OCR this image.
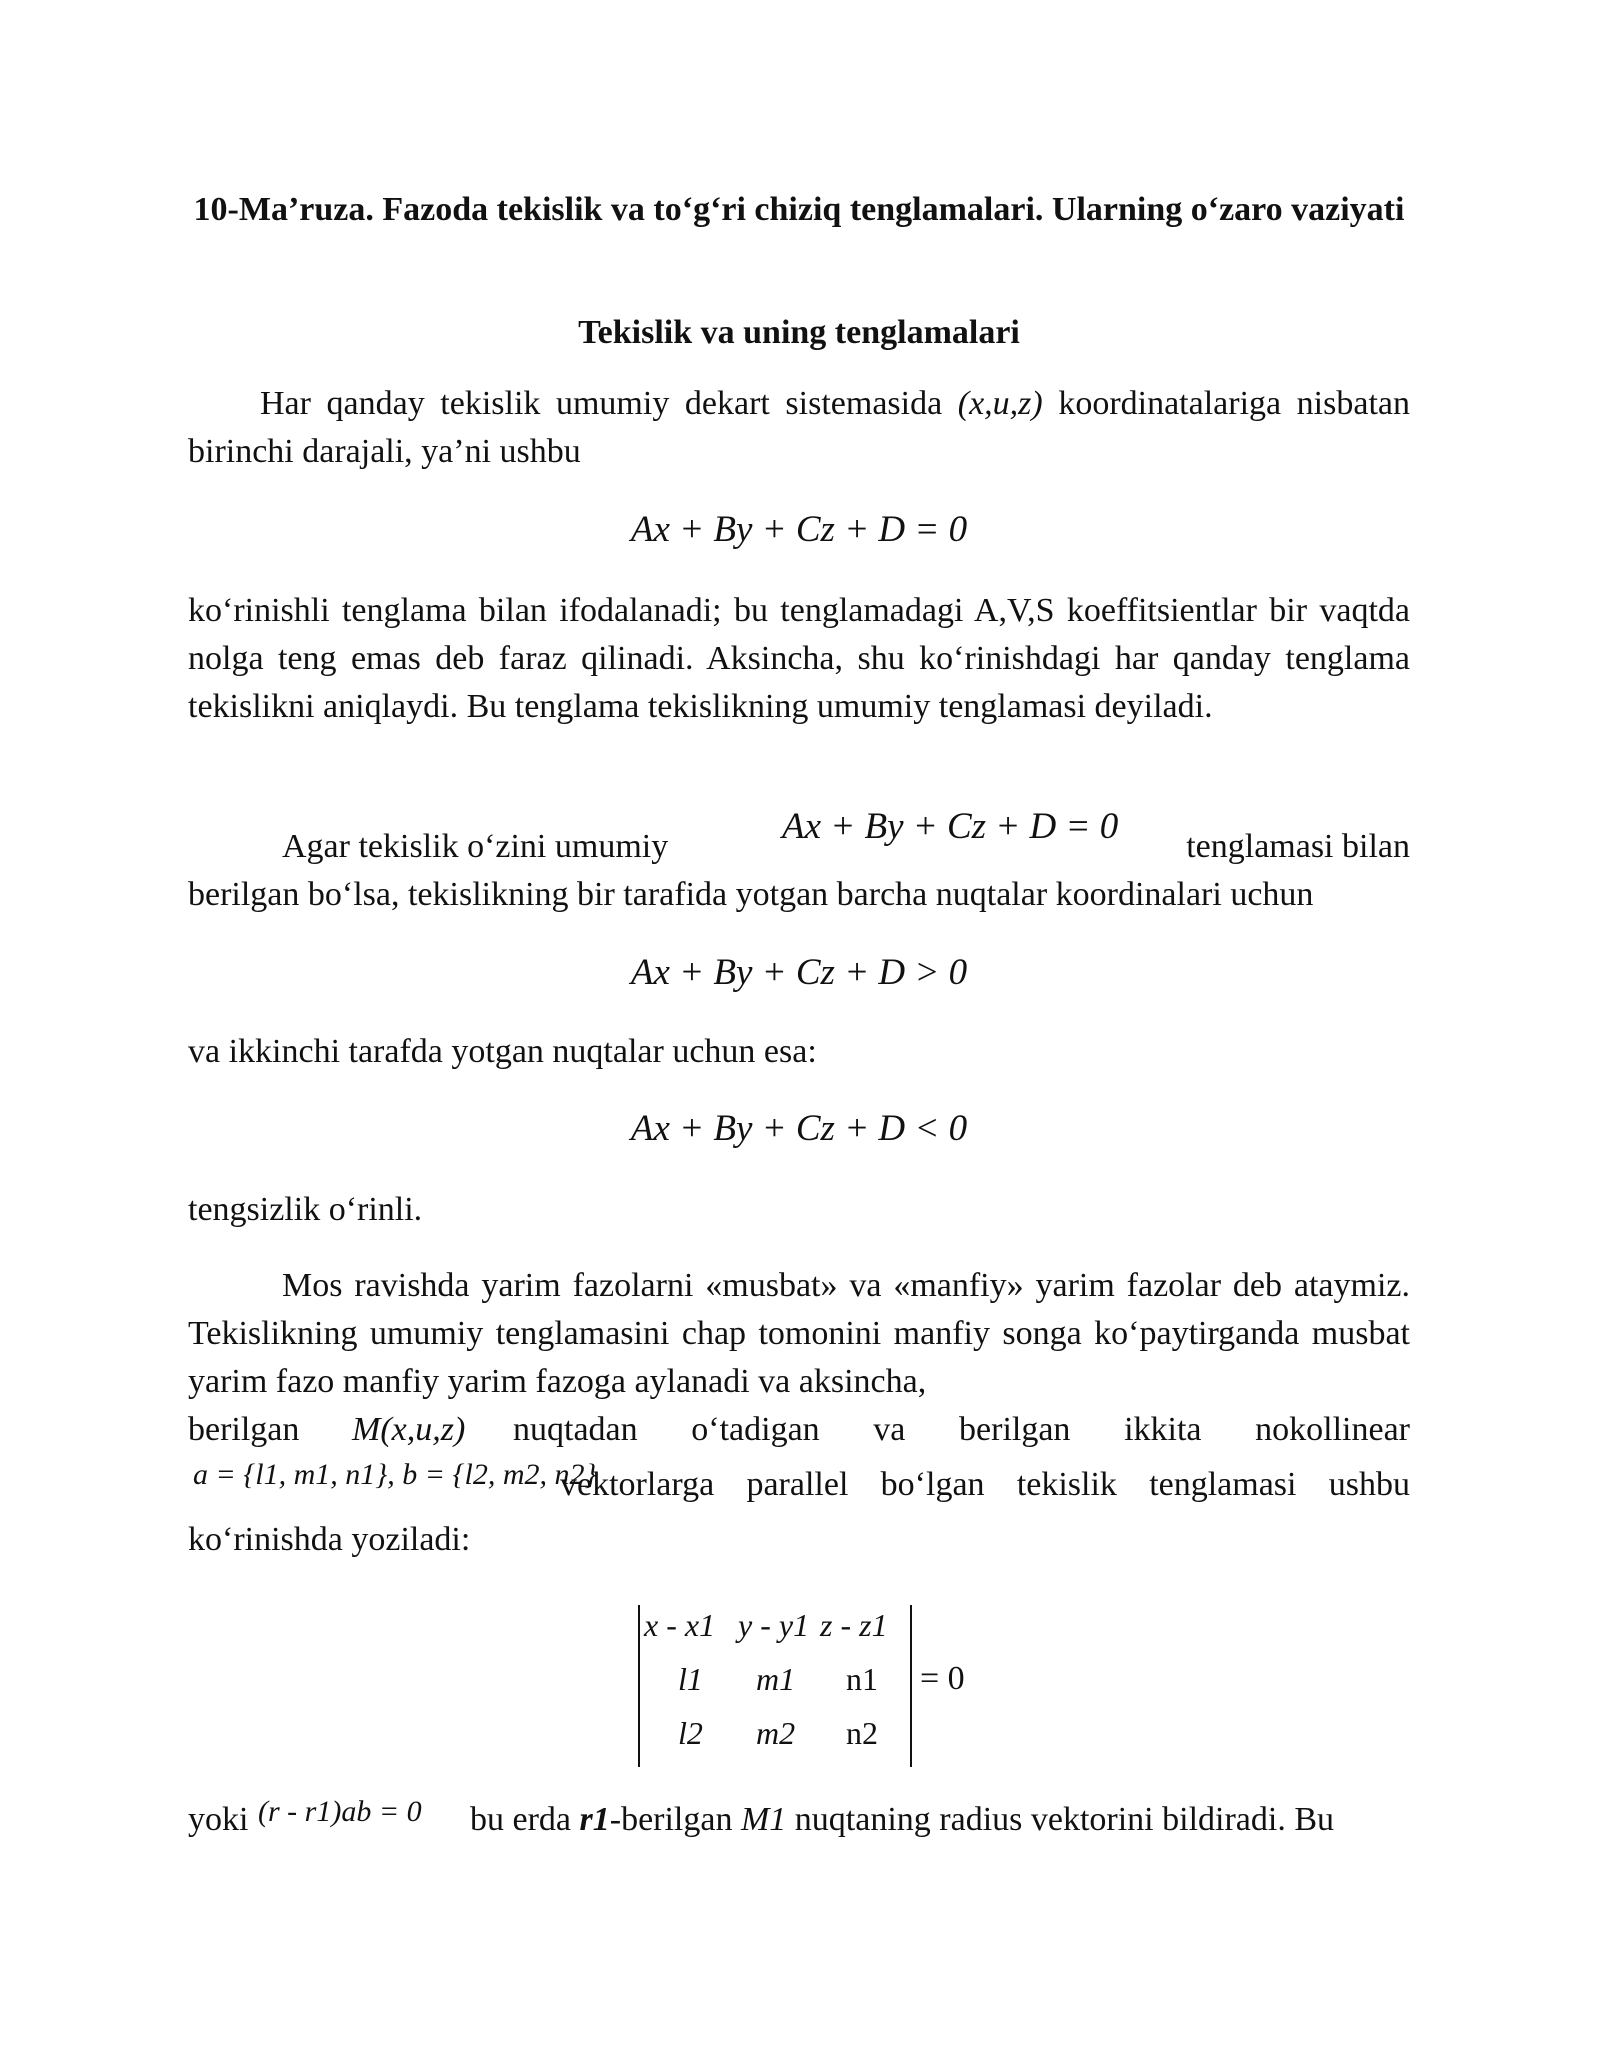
10-Ma’ruza. Fazoda tekislik va to‘g‘ri chiziq tenglamalari. Ularning o‘zaro vaziyati
Tekislik va uning tenglamalari
Har qanday tekislik umumiy dekart sistemasida (x,u,z) koordinatalariga nisbatan birinchi darajali, ya’ni ushbu
Ax + By + Cz + D = 0
ko‘rinishli tenglama bilan ifodalanadi; bu tenglamadagi A,V,S koeffitsientlar bir vaqtda nolga teng emas deb faraz qilinadi. Aksincha, shu ko‘rinishdagi har qanday tenglama tekislikni aniqlaydi. Bu tenglama tekislikning umumiy tenglamasi deyiladi.
Agar tekislik o‘zini umumiy	Ax + By + Cz + D = 0 tenglamasi bilan
berilgan bo‘lsa, tekislikning bir tarafida yotgan barcha nuqtalar koordinalari uchun
Ax + By + Cz + D > 0
va ikkinchi tarafda yotgan nuqtalar uchun esa:
Ax + By + Cz + D < 0
tengsizlik o‘rinli.
Mos ravishda yarim fazolarni «musbat» va «manfiy» yarim fazolar deb ataymiz. Tekislikning umumiy tenglamasini chap tomonini manfiy songa ko‘paytirganda musbat yarim fazo manfiy yarim fazoga aylanadi va aksincha,
berilgan M(x,u,z) nuqtadan o‘tadigan va berilgan ikkita nokollinear
a = {l1, m1, n1}, b = {l2, m2, n2}
vektorlarga parallel bo‘lgan tekislik tenglamasi ushbu
ko‘rinishda yoziladi:
x - x1 y - y1 z - z1
l1 m1 n1
l2 m2 n2
= 0
yoki (r - r1)ab = 0 bu erda r1-berilgan M1 nuqtaning radius vektorini bildiradi. Bu
